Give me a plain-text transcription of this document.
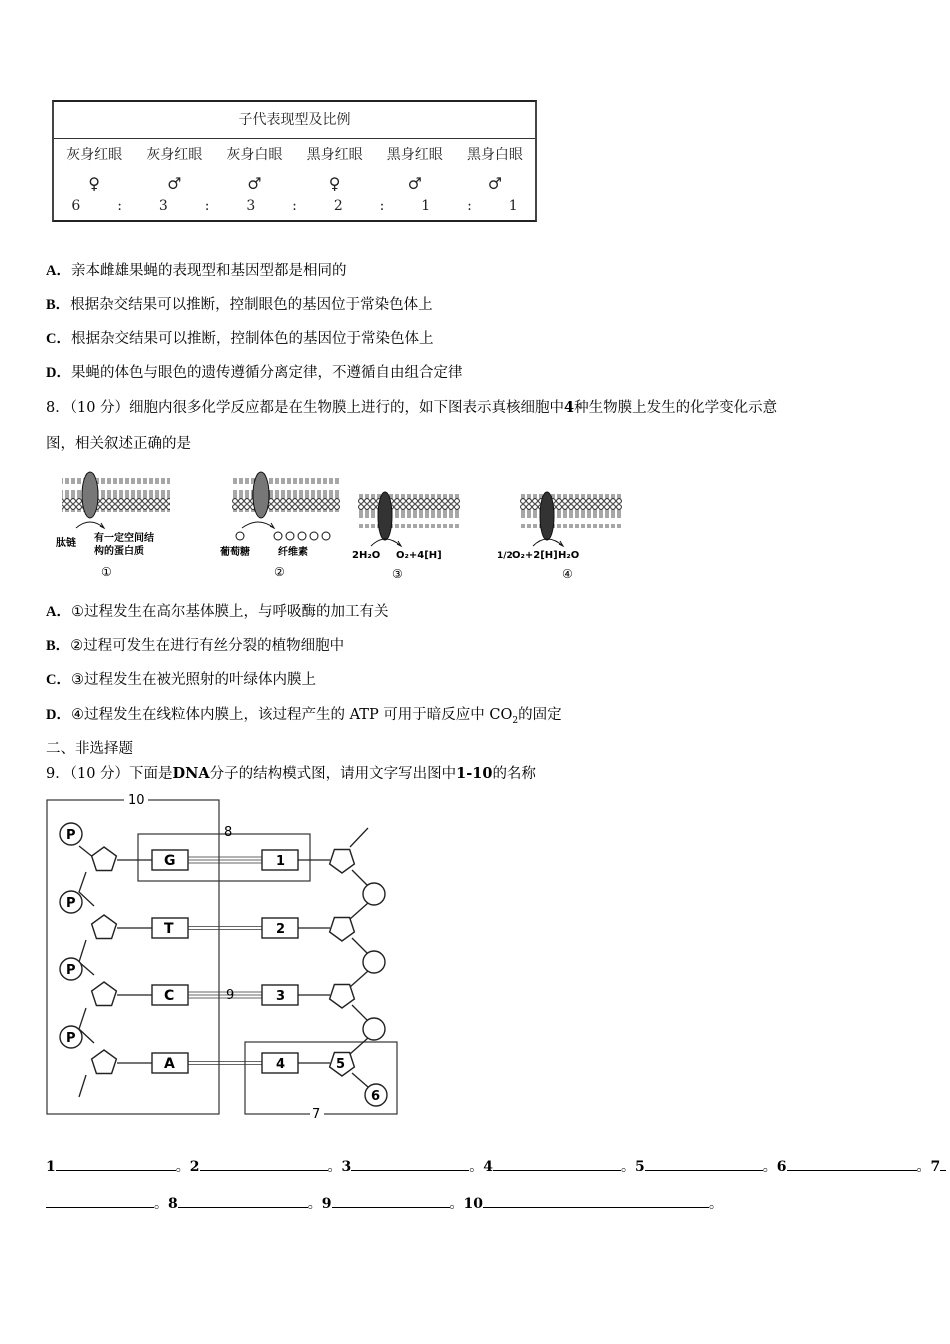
子代表现型及比例
灰身红眼	灰身红眼	灰身白眼	黑身红眼	黑身红眼	黑身白眼
♀	♂	♂	♀	♂	♂
6	:	3	:	3	:	2	:	1	:	1
A．亲本雌雄果蝇的表现型和基因型都是相同的
B．根据杂交结果可以推断，控制眼色的基因位于常染色体上
C．根据杂交结果可以推断，控制体色的基因位于常染色体上
D．果蝇的体色与眼色的遗传遵循分离定律，不遵循自由组合定律
8．（10 分）细胞内很多化学反应都是在生物膜上进行的，如下图表示真核细胞中4种生物膜上发生的化学变化示意
图，相关叙述正确的是
肽链 有一定空间结
构的蛋白质
①
葡萄糖	纤维素
②
2H₂O O₂+4[H]
③
1/2 O₂+2[H] H₂O
④
A．①过程发生在高尔基体膜上，与呼吸酶的加工有关
B．②过程可发生在进行有丝分裂的植物细胞中
C．③过程发生在被光照射的叶绿体内膜上
D．④过程发生在线粒体内膜上，该过程产生的 ATP 可用于暗反应中 $CO_2$的固定
二、非选择题
9．（10 分）下面是DNA分子的结构模式图，请用文字写出图中1-10的名称
10
8
7
P
G
P
T
P
C
P
A
1
2
3
4	5
6
9
1	。2	。3	。4	。5	。6	。7
。8	。9	。10	。
